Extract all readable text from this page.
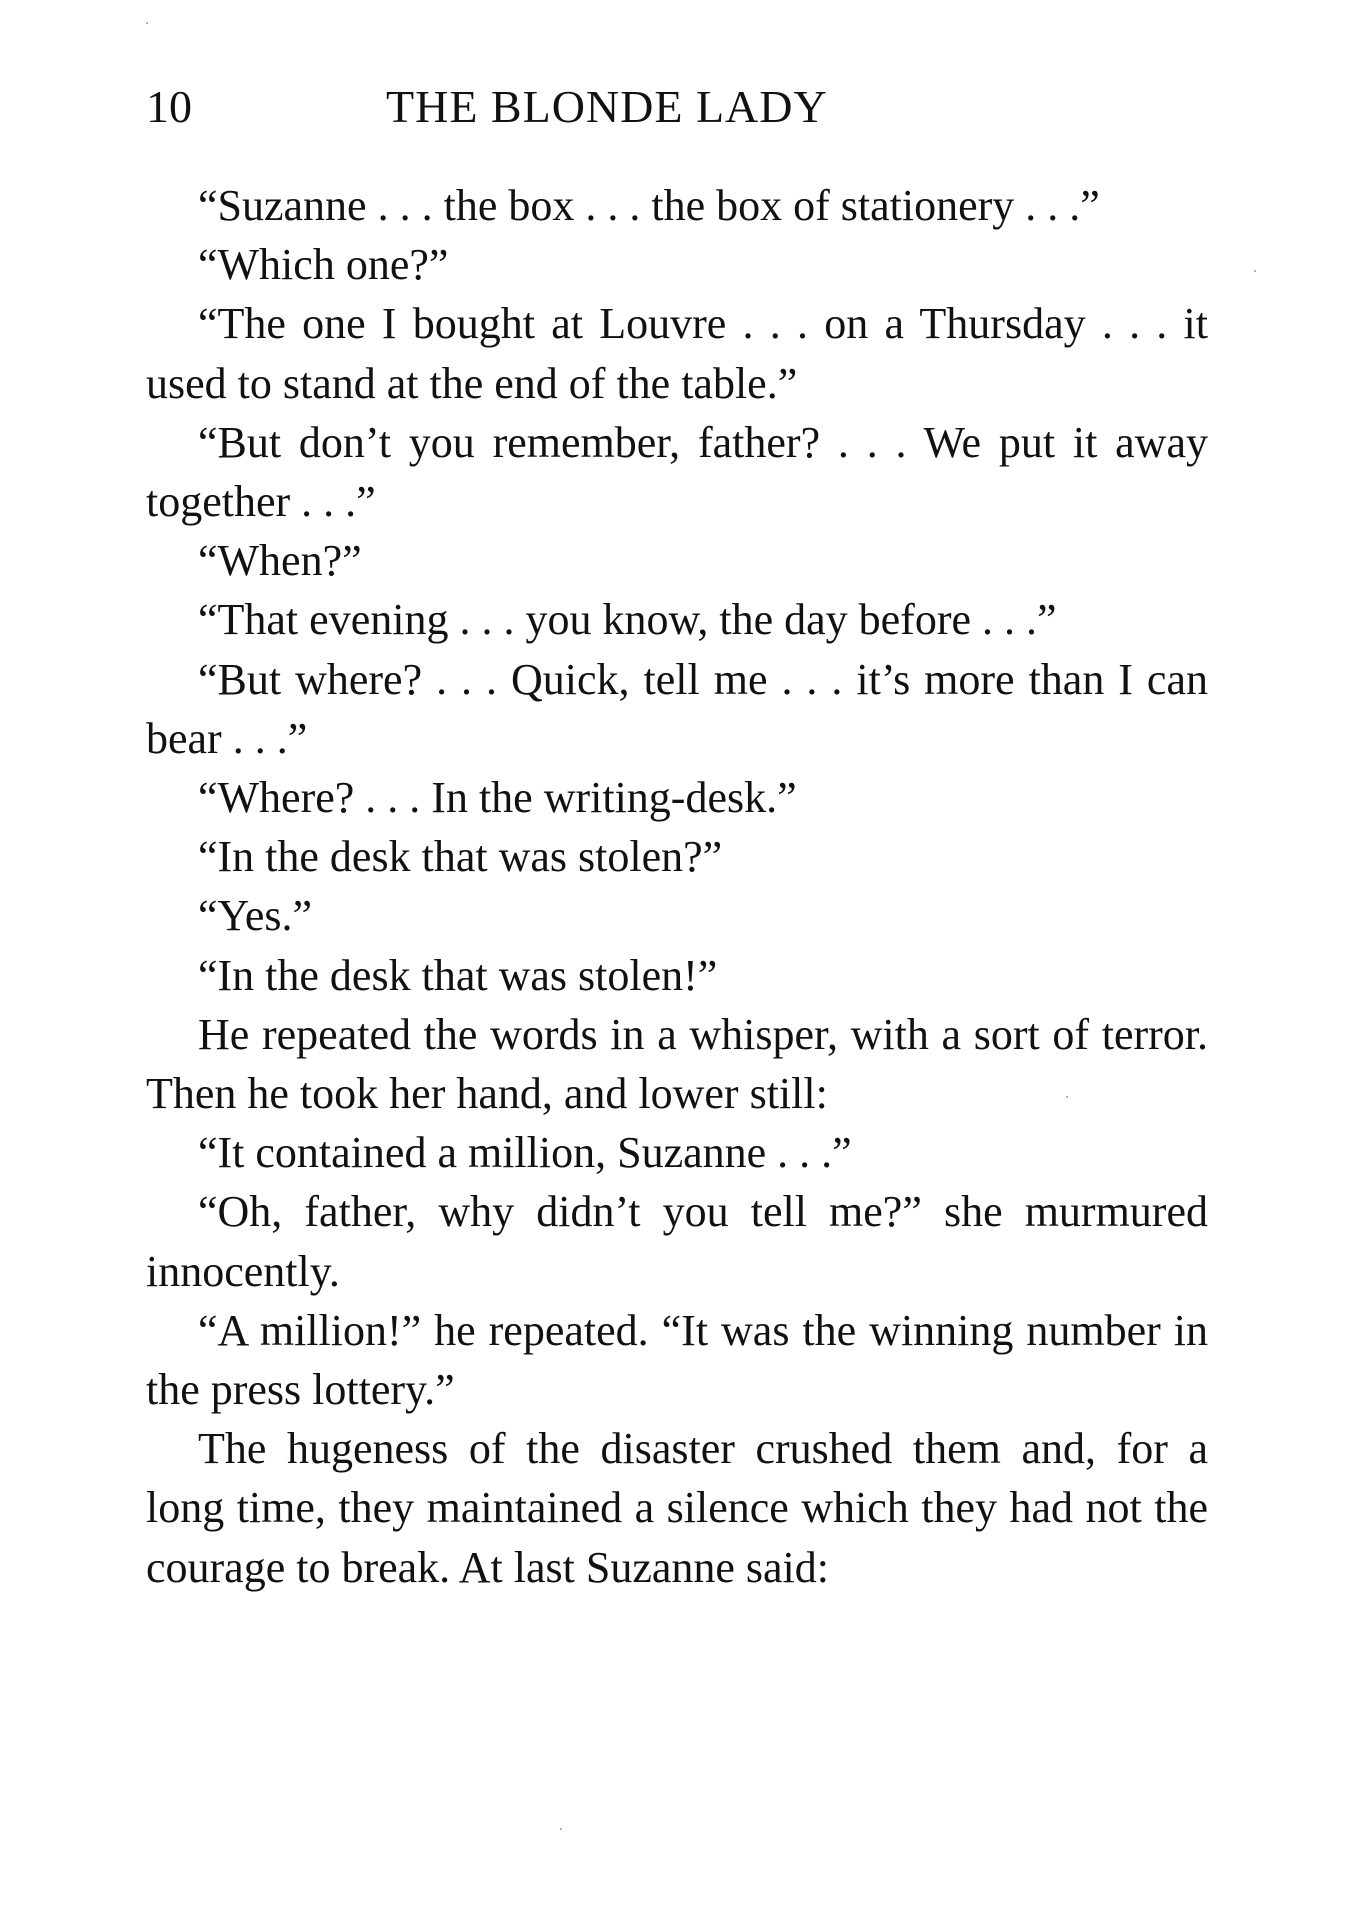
10	THE BLONDE LADY

“Suzanne . . . the box . . . the box of stationery . . .”

“Which one?”

“The one I bought at Louvre . . . on a Thursday . . . it used to stand at the end of the table.”

“But don’t you remember, father? . . . We put it away together . . .”

“When?”

“That evening . . . you know, the day before . . .”

“But where? . . . Quick, tell me . . . it’s more than I can bear . . .”

“Where? . . . In the writing-desk.”

“In the desk that was stolen?”

“Yes.”

“In the desk that was stolen!”

He repeated the words in a whisper, with a sort of terror. Then he took her hand, and lower still:

“It contained a million, Suzanne . . .”

“Oh, father, why didn’t you tell me?” she murmured innocently.

“A million!” he repeated. “It was the winning number in the press lottery.”

The hugeness of the disaster crushed them and, for a long time, they maintained a silence which they had not the courage to break. At last Suzanne said:
